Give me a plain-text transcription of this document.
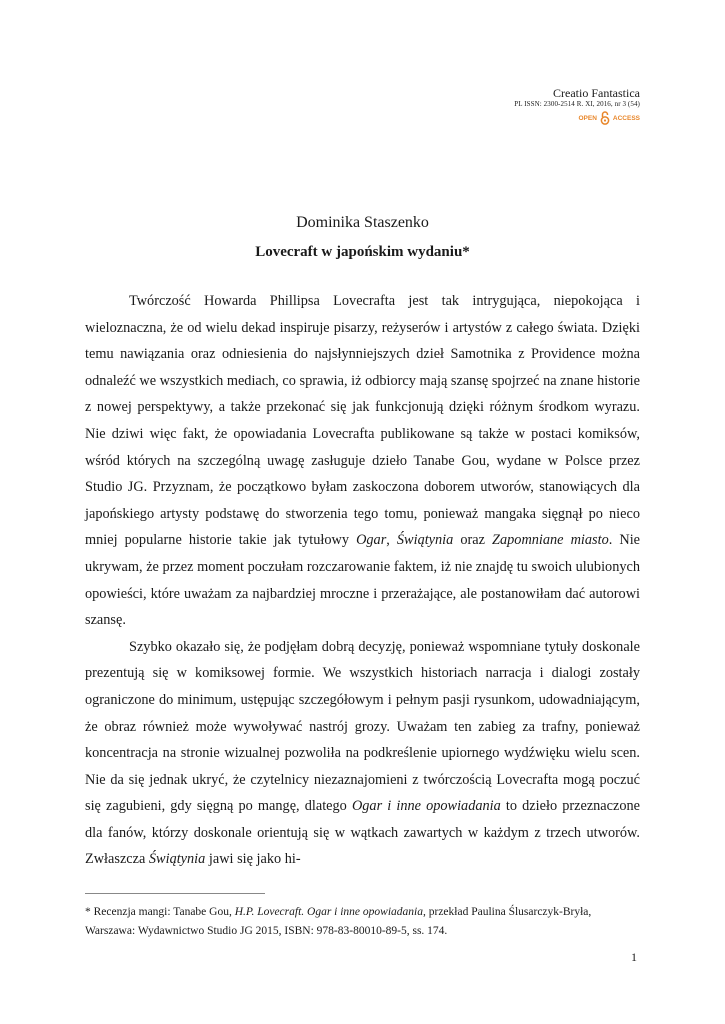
Creatio Fantastica
PL ISSN: 2300-2514 R. XI, 2016, nr 3 (54)
OPEN ACCESS
Dominika Staszenko
Lovecraft w japońskim wydaniu*

Twórczość Howarda Phillipsa Lovecrafta jest tak intrygująca, niepokojąca i wieloznaczna, że od wielu dekad inspiruje pisarzy, reżyserów i artystów z całego świata. Dzięki temu nawiązania oraz odniesienia do najsłynniejszych dzieł Samotnika z Providence można odnaleźć we wszystkich mediach, co sprawia, iż odbiorcy mają szansę spojrzeć na znane historie z nowej perspektywy, a także przekonać się jak funkcjonują dzięki różnym środkom wyrazu. Nie dziwi więc fakt, że opowiadania Lovecrafta publikowane są także w postaci komiksów, wśród których na szczególną uwagę zasługuje dzieło Tanabe Gou, wydane w Polsce przez Studio JG. Przyznam, że początkowo byłam zaskoczona doborem utworów, stanowiących dla japońskiego artysty podstawę do stworzenia tego tomu, ponieważ mangaka sięgnął po nieco mniej popularne historie takie jak tytułowy Ogar, Świątynia oraz Zapomniane miasto. Nie ukrywam, że przez moment poczułam rozczarowanie faktem, iż nie znajdę tu swoich ulubionych opowieści, które uważam za najbardziej mroczne i przerażające, ale postanowiłam dać autorowi szansę.

Szybko okazało się, że podjęłam dobrą decyzję, ponieważ wspomniane tytuły doskonale prezentują się w komiksowej formie. We wszystkich historiach narracja i dialogi zostały ograniczone do minimum, ustępując szczegółowym i pełnym pasji rysunkom, udowadniającym, że obraz również może wywoływać nastrój grozy. Uważam ten zabieg za trafny, ponieważ koncentracja na stronie wizualnej pozwoliła na podkreślenie upiornego wydźwięku wielu scen. Nie da się jednak ukryć, że czytelnicy niezaznajomieni z twórczością Lovecrafta mogą poczuć się zagubieni, gdy sięgną po mangę, dlatego Ogar i inne opowiadania to dzieło przeznaczone dla fanów, którzy doskonale orientują się w wątkach zawartych w każdym z trzech utworów. Zwłaszcza Świątynia jawi się jako hi-

* Recenzja mangi: Tanabe Gou, H.P. Lovecraft. Ogar i inne opowiadania, przekład Paulina Ślusarczyk-Bryła, Warszawa: Wydawnictwo Studio JG 2015, ISBN: 978-83-80010-89-5, ss. 174.
1
